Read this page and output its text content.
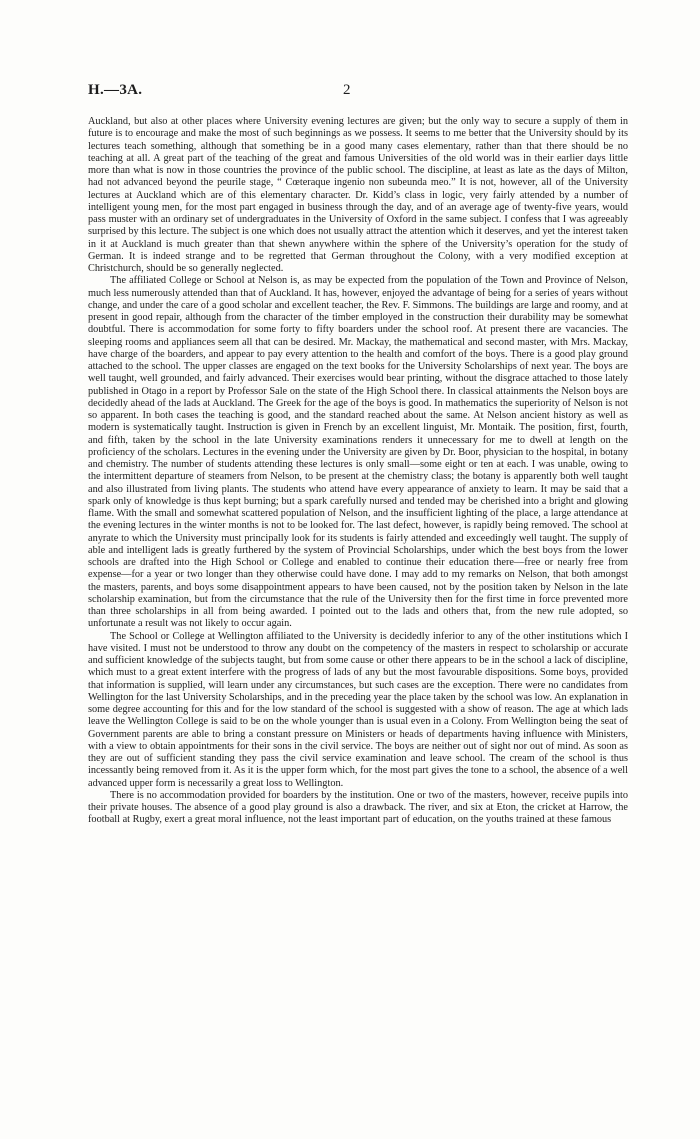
H.—3A.	2

Auckland, but also at other places where University evening lectures are given; but the only way to secure a supply of them in future is to encourage and make the most of such beginnings as we possess. It seems to me better that the University should by its lectures teach something, although that something be in a good many cases elementary, rather than that there should be no teaching at all. A great part of the teaching of the great and famous Universities of the old world was in their earlier days little more than what is now in those countries the province of the public school. The discipline, at least as late as the days of Milton, had not advanced beyond the peurile stage, “ Cœteraque ingenio non subeunda meo.” It is not, however, all of the University lectures at Auckland which are of this elementary character. Dr. Kidd’s class in logic, very fairly attended by a number of intelligent young men, for the most part engaged in business through the day, and of an average age of twenty-five years, would pass muster with an ordinary set of undergraduates in the University of Oxford in the same subject. I confess that I was agreeably surprised by this lecture. The subject is one which does not usually attract the attention which it deserves, and yet the interest taken in it at Auckland is much greater than that shewn anywhere within the sphere of the University’s operation for the study of German. It is indeed strange and to be regretted that German throughout the Colony, with a very modified exception at Christchurch, should be so generally neglected.

The affiliated College or School at Nelson is, as may be expected from the population of the Town and Province of Nelson, much less numerously attended than that of Auckland. It has, however, enjoyed the advantage of being for a series of years without change, and under the care of a good scholar and excellent teacher, the Rev. F. Simmons. The buildings are large and roomy, and at present in good repair, although from the character of the timber employed in the construction their durability may be somewhat doubtful. There is accommodation for some forty to fifty boarders under the school roof. At present there are vacancies. The sleeping rooms and appliances seem all that can be desired. Mr. Mackay, the mathematical and second master, with Mrs. Mackay, have charge of the boarders, and appear to pay every attention to the health and comfort of the boys. There is a good play ground attached to the school. The upper classes are engaged on the text books for the University Scholarships of next year. The boys are well taught, well grounded, and fairly advanced. Their exercises would bear printing, without the disgrace attached to those lately published in Otago in a report by Professor Sale on the state of the High School there. In classical attainments the Nelson boys are decidedly ahead of the lads at Auckland. The Greek for the age of the boys is good. In mathematics the superiority of Nelson is not so apparent. In both cases the teaching is good, and the standard reached about the same. At Nelson ancient history as well as modern is systematically taught. Instruction is given in French by an excellent linguist, Mr. Montaik. The position, first, fourth, and fifth, taken by the school in the late University examinations renders it unnecessary for me to dwell at length on the proficiency of the scholars. Lectures in the evening under the University are given by Dr. Boor, physician to the hospital, in botany and chemistry. The number of students attending these lectures is only small—some eight or ten at each. I was unable, owing to the intermittent departure of steamers from Nelson, to be present at the chemistry class; the botany is apparently both well taught and also illustrated from living plants. The students who attend have every appearance of anxiety to learn. It may be said that a spark only of knowledge is thus kept burning; but a spark carefully nursed and tended may be cherished into a bright and glowing flame. With the small and somewhat scattered population of Nelson, and the insufficient lighting of the place, a large attendance at the evening lectures in the winter months is not to be looked for. The last defect, however, is rapidly being removed. The school at anyrate to which the University must principally look for its students is fairly attended and exceedingly well taught. The supply of able and intelligent lads is greatly furthered by the system of Provincial Scholarships, under which the best boys from the lower schools are drafted into the High School or College and enabled to continue their education there—free or nearly free from expense—for a year or two longer than they otherwise could have done. I may add to my remarks on Nelson, that both amongst the masters, parents, and boys some disappointment appears to have been caused, not by the position taken by Nelson in the late scholarship examination, but from the circumstance that the rule of the University then for the first time in force prevented more than three scholarships in all from being awarded. I pointed out to the lads and others that, from the new rule adopted, so unfortunate a result was not likely to occur again.

The School or College at Wellington affiliated to the University is decidedly inferior to any of the other institutions which I have visited. I must not be understood to throw any doubt on the competency of the masters in respect to scholarship or accurate and sufficient knowledge of the subjects taught, but from some cause or other there appears to be in the school a lack of discipline, which must to a great extent interfere with the progress of lads of any but the most favourable dispositions. Some boys, provided that information is supplied, will learn under any circumstances, but such cases are the exception. There were no candidates from Wellington for the last University Scholarships, and in the preceding year the place taken by the school was low. An explanation in some degree accounting for this and for the low standard of the school is suggested with a show of reason. The age at which lads leave the Wellington College is said to be on the whole younger than is usual even in a Colony. From Wellington being the seat of Government parents are able to bring a constant pressure on Ministers or heads of departments having influence with Ministers, with a view to obtain appointments for their sons in the civil service. The boys are neither out of sight nor out of mind. As soon as they are out of sufficient standing they pass the civil service examination and leave school. The cream of the school is thus incessantly being removed from it. As it is the upper form which, for the most part gives the tone to a school, the absence of a well advanced upper form is necessarily a great loss to Wellington.

There is no accommodation provided for boarders by the institution. One or two of the masters, however, receive pupils into their private houses. The absence of a good play ground is also a drawback. The river, and six at Eton, the cricket at Harrow, the football at Rugby, exert a great moral influence, not the least important part of education, on the youths trained at these famous
